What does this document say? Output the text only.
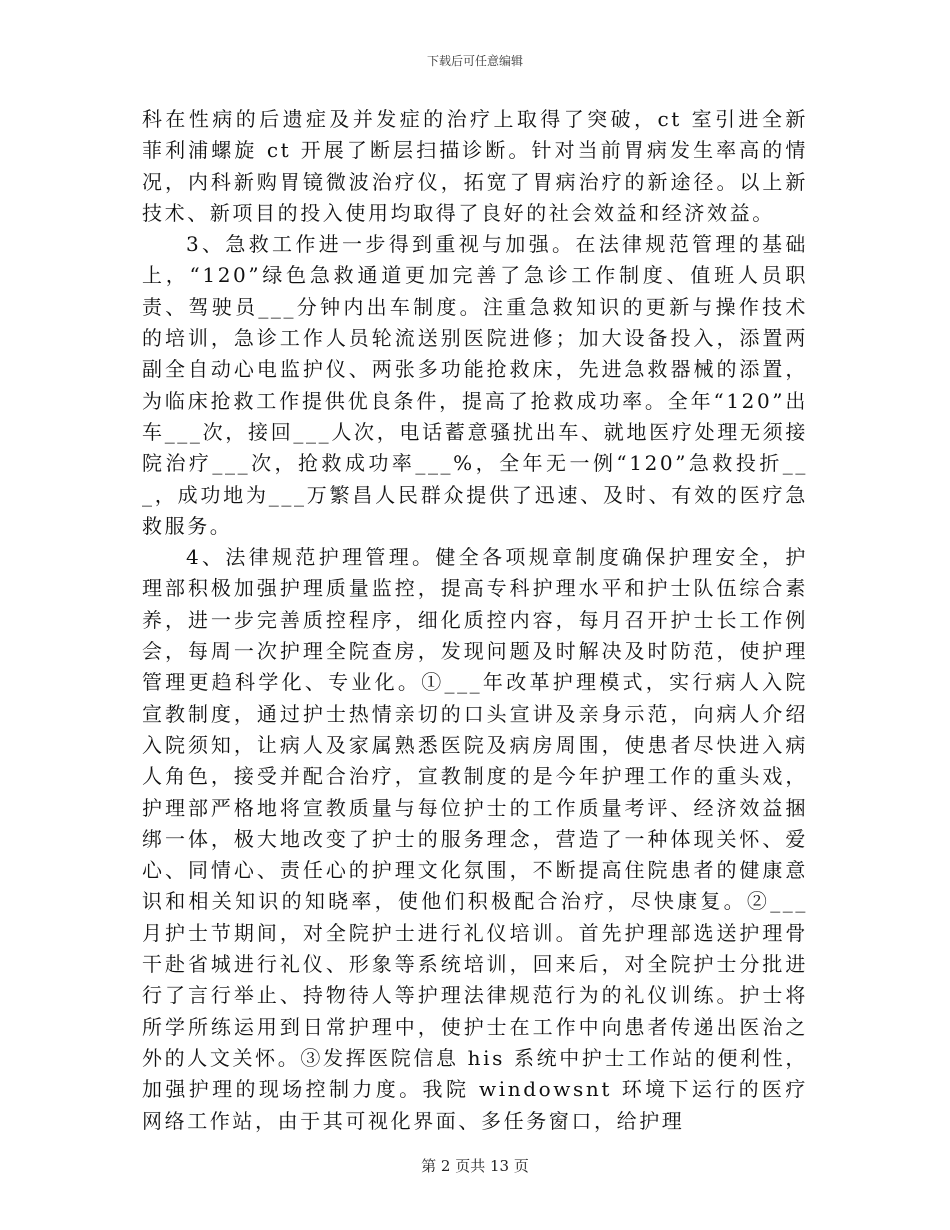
下载后可任意编辑

科在性病的后遗症及并发症的治疗上取得了突破，ct 室引进全新菲利浦螺旋 ct 开展了断层扫描诊断。针对当前胃病发生率高的情况，内科新购胃镜微波治疗仪，拓宽了胃病治疗的新途径。以上新技术、新项目的投入使用均取得了良好的社会效益和经济效益。

3、急救工作进一步得到重视与加强。在法律规范管理的基础上，“120”绿色急救通道更加完善了急诊工作制度、值班人员职责、驾驶员___分钟内出车制度。注重急救知识的更新与操作技术的培训，急诊工作人员轮流送别医院进修；加大设备投入，添置两副全自动心电监护仪、两张多功能抢救床，先进急救器械的添置，为临床抢救工作提供优良条件，提高了抢救成功率。全年“120”出车___次，接回___人次，电话蓄意骚扰出车、就地医疗处理无须接院治疗___次，抢救成功率___%，全年无一例“120”急救投折___，成功地为___万繁昌人民群众提供了迅速、及时、有效的医疗急救服务。

4、法律规范护理管理。健全各项规章制度确保护理安全，护理部积极加强护理质量监控，提高专科护理水平和护士队伍综合素养，进一步完善质控程序，细化质控内容，每月召开护士长工作例会，每周一次护理全院查房，发现问题及时解决及时防范，使护理管理更趋科学化、专业化。①___年改革护理模式，实行病人入院宣教制度，通过护士热情亲切的口头宣讲及亲身示范，向病人介绍入院须知，让病人及家属熟悉医院及病房周围，使患者尽快进入病人角色，接受并配合治疗，宣教制度的是今年护理工作的重头戏，护理部严格地将宣教质量与每位护士的工作质量考评、经济效益捆绑一体，极大地改变了护士的服务理念，营造了一种体现关怀、爱心、同情心、责任心的护理文化氛围，不断提高住院患者的健康意识和相关知识的知晓率，使他们积极配合治疗，尽快康复。②___月护士节期间，对全院护士进行礼仪培训。首先护理部选送护理骨干赴省城进行礼仪、形象等系统培训，回来后，对全院护士分批进行了言行举止、持物待人等护理法律规范行为的礼仪训练。护士将所学所练运用到日常护理中，使护士在工作中向患者传递出医治之外的人文关怀。③发挥医院信息 his 系统中护士工作站的便利性，加强护理的现场控制力度。我院 windowsnt 环境下运行的医疗网络工作站，由于其可视化界面、多任务窗口，给护理

第 2 页共 13 页
